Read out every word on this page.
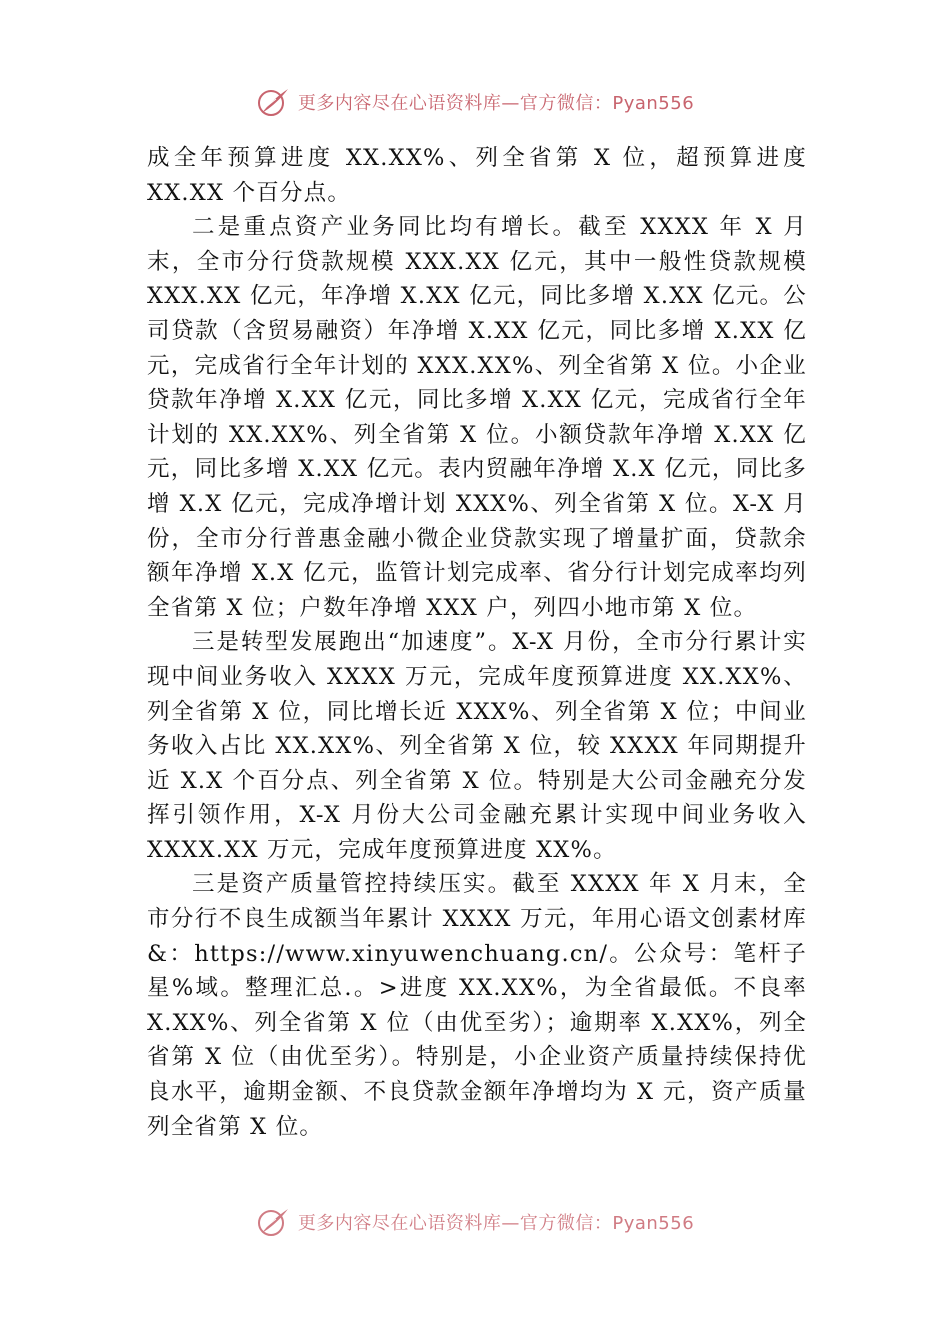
更多内容尽在心语资料库—官方微信：Pyan556

成全年预算进度 XX.XX%、列全省第 X 位，超预算进度 XX.XX 个百分点。

二是重点资产业务同比均有增长。截至 XXXX 年 X 月末，全市分行贷款规模 XXX.XX 亿元，其中一般性贷款规模 XXX.XX 亿元，年净增 X.XX 亿元，同比多增 X.XX 亿元。公司贷款（含贸易融资）年净增 X.XX 亿元，同比多增 X.XX 亿元，完成省行全年计划的 XXX.XX%、列全省第 X 位。小企业贷款年净增 X.XX 亿元，同比多增 X.XX 亿元，完成省行全年计划的 XX.XX%、列全省第 X 位。小额贷款年净增 X.XX 亿元，同比多增 X.XX 亿元。表内贸融年净增 X.X 亿元，同比多增 X.X 亿元，完成净增计划 XXX%、列全省第 X 位。X-X 月份，全市分行普惠金融小微企业贷款实现了增量扩面，贷款余额年净增 X.X 亿元，监管计划完成率、省分行计划完成率均列全省第 X 位；户数年净增 XXX 户，列四小地市第 X 位。

三是转型发展跑出“加速度”。X-X 月份，全市分行累计实现中间业务收入 XXXX 万元，完成年度预算进度 XX.XX%、列全省第 X 位，同比增长近 XXX%、列全省第 X 位；中间业务收入占比 XX.XX%、列全省第 X 位，较 XXXX 年同期提升近 X.X 个百分点、列全省第 X 位。特别是大公司金融充分发挥引领作用，X-X 月份大公司金融充累计实现中间业务收入 XXXX.XX 万元，完成年度预算进度 XX%。

三是资产质量管控持续压实。截至 XXXX 年 X 月末，全市分行不良生成额当年累计 XXXX 万元，年用心语文创素材库&：https://www.xinyuwenchuang.cn/。公众号：笔杆子星%域。整理汇总.。>进度 XX.XX%，为全省最低。不良率 X.XX%、列全省第 X 位（由优至劣）；逾期率 X.XX%，列全省第 X 位（由优至劣）。特别是，小企业资产质量持续保持优良水平，逾期金额、不良贷款金额年净增均为 X 元，资产质量列全省第 X 位。

更多内容尽在心语资料库—官方微信：Pyan556
